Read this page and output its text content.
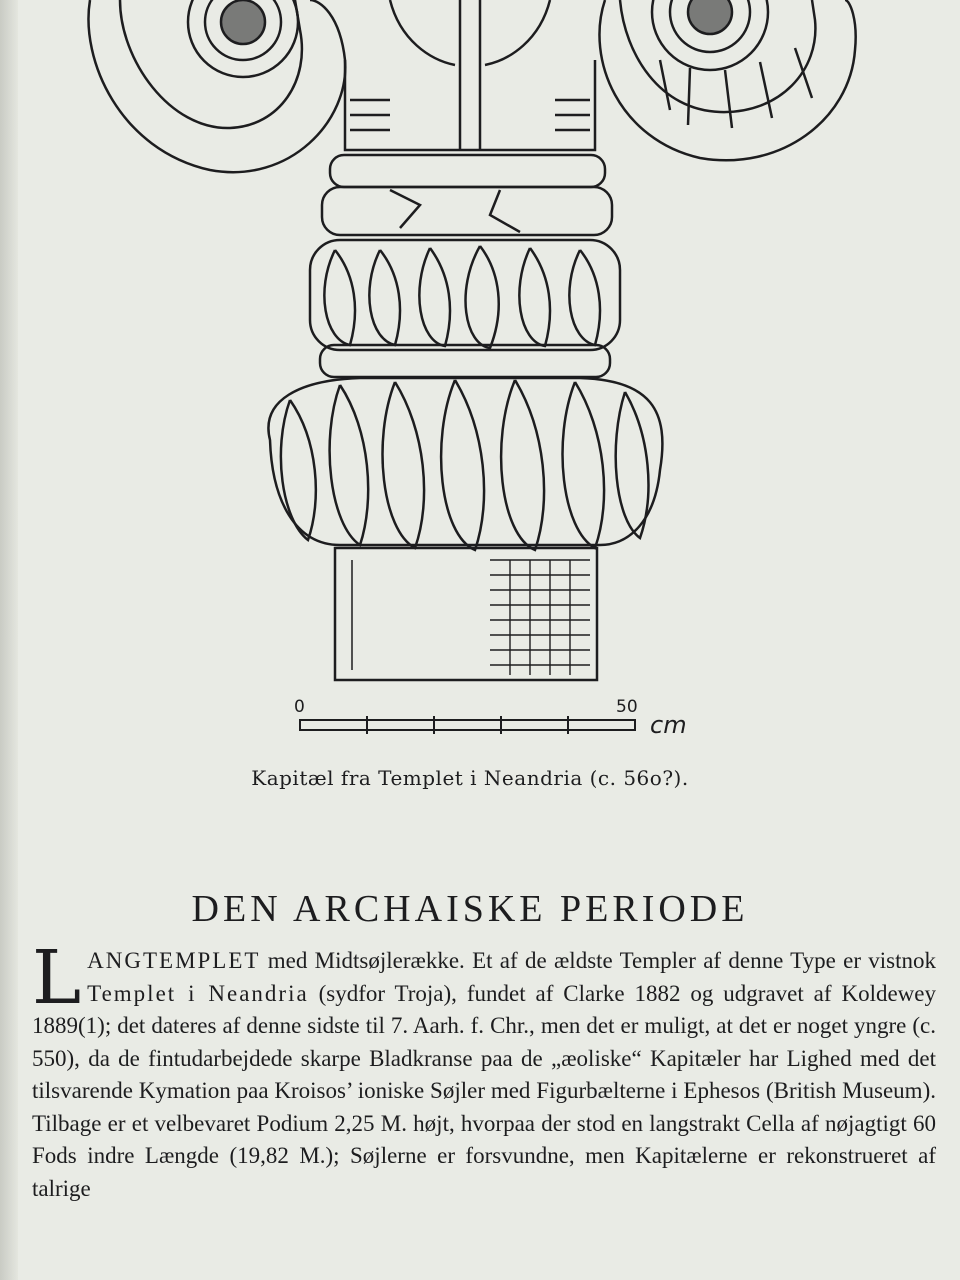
0	50
cm
Kapitæl fra Templet i Neandria (c. 56o?).
DEN ARCHAISKE PERIODE

LANGTEMPLET med Midtsøjlerække. Et af de ældste Templer af denne Type er vistnok Templet i Neandria (sydfor Troja), fundet af Clarke 1882 og udgravet af Koldewey 1889(1); det dateres af denne sidste til 7. Aarh. f. Chr., men det er muligt, at det er noget yngre (c. 550), da de fintudarbejdede skarpe Bladkranse paa de „æoliske“ Kapitæler har Lighed med det tilsvarende Kymation paa Kroisos’ ioniske Søjler med Figurbælterne i Ephesos (British Museum). Tilbage er et velbevaret Podium 2,25 M. højt, hvorpaa der stod en langstrakt Cella af nøjagtigt 60 Fods indre Længde (19,82 M.); Søjlerne er forsvundne, men Kapitælerne er rekonstrueret af talrige
